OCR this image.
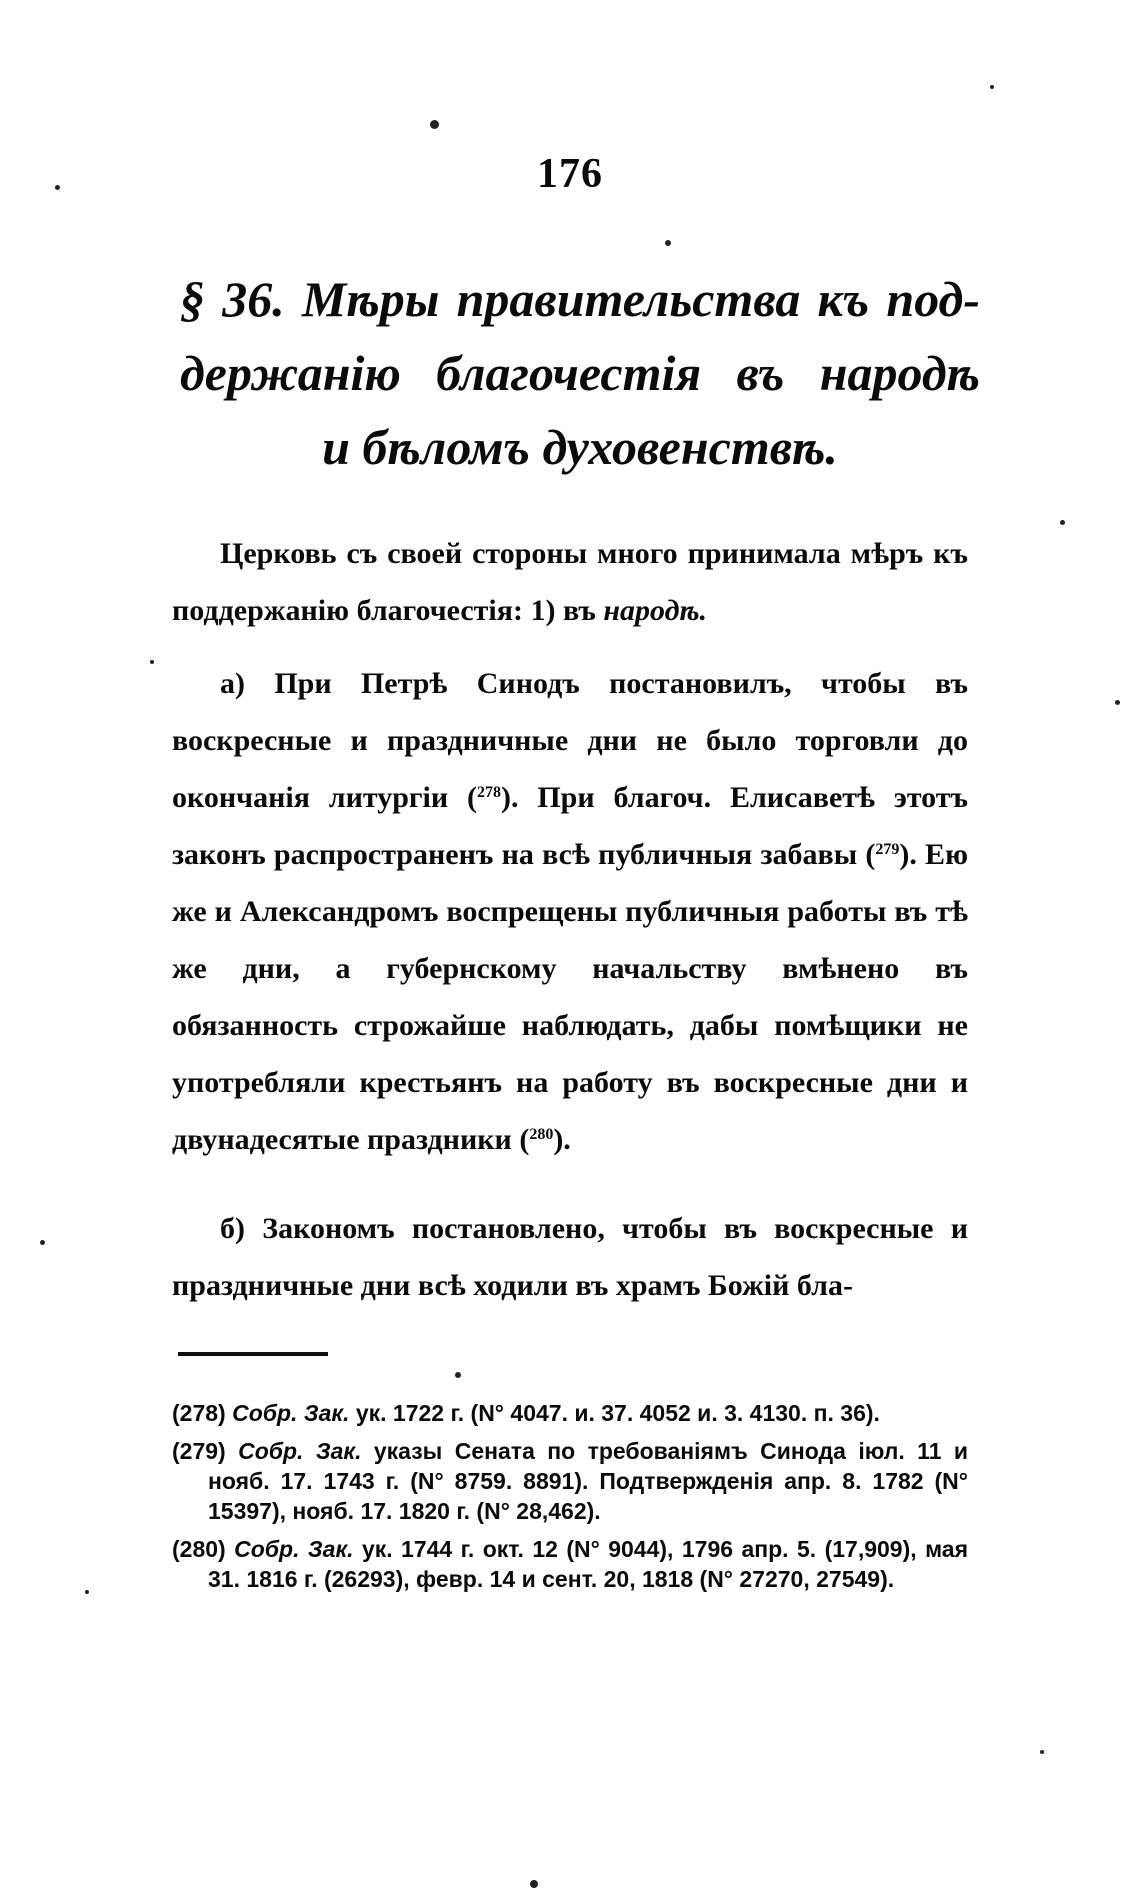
176
§ 36. Мѣры правительства къ под-
держанію благочестія въ народѣ
и бѣломъ духовенствѣ.

Церковь съ своей стороны много принимала мѣръ къ поддержанію благочестія: 1) въ народѣ.

а) При Петрѣ Синодъ постановилъ, чтобы въ воскресные и праздничные дни не было торговли до окончанія литургіи ($^{278}$). При благоч. Елисаветѣ этотъ законъ распространенъ на всѣ публичныя забавы ($^{279}$). Ею же и Александромъ воспрещены публичныя работы въ тѣ же дни, а губернскому начальству вмѣнено въ обязанность строжайше наблюдать, дабы помѣщики не употребляли крестьянъ на работу въ воскресные дни и двунадесятые праздники ($^{280}$).

б) Закономъ постановлено, чтобы въ воскресные и праздничные дни всѣ ходили въ храмъ Божій бла-

(278) Собр. Зак. ук. 1722 г. (N° 4047. и. 37. 4052 и. 3. 4130. п. 36).

(279) Собр. Зак. указы Сената по требованіямъ Синода іюл. 11 и нояб. 17. 1743 г. (N° 8759. 8891). Подтвержденія апр. 8. 1782 (N° 15397), нояб. 17. 1820 г. (N° 28,462).

(280) Собр. Зак. ук. 1744 г. окт. 12 (N° 9044), 1796 апр. 5. (17,909), мая 31. 1816 г. (26293), февр. 14 и сент. 20, 1818 (N° 27270, 27549).
